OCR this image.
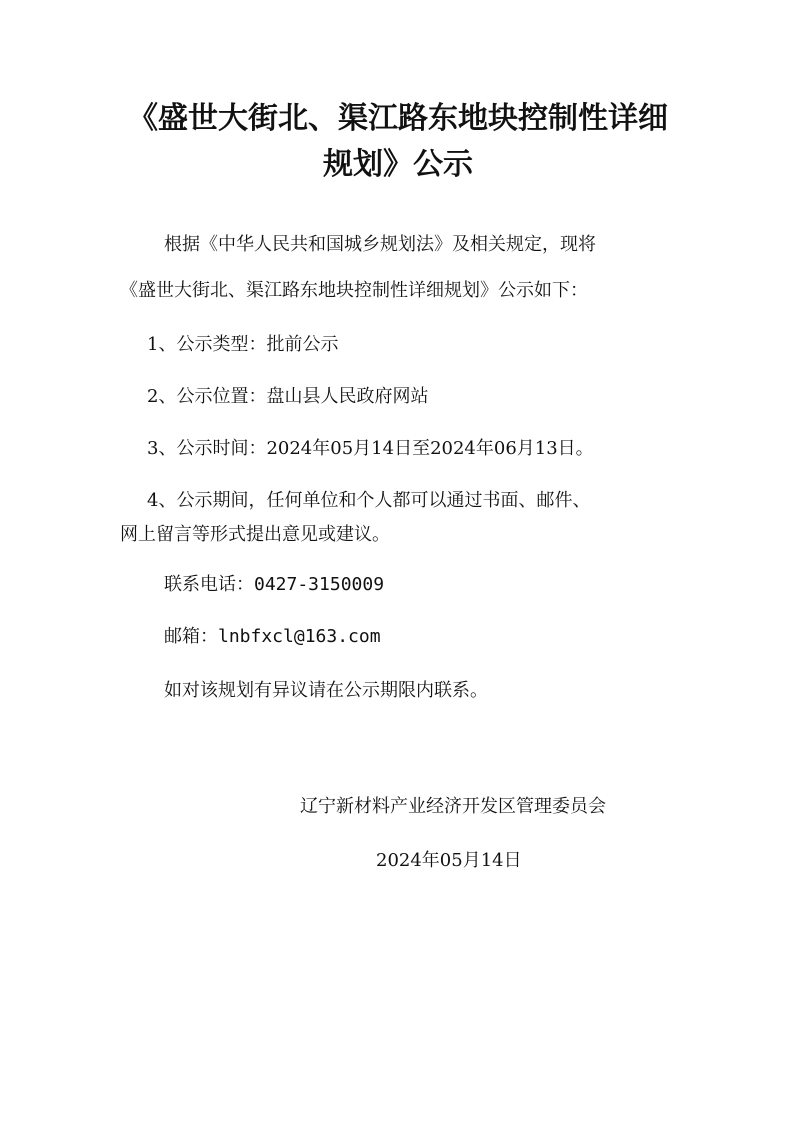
《盛世大街北、渠江路东地块控制性详细规划》公示

根据《中华人民共和国城乡规划法》及相关规定，现将

《盛世大街北、渠江路东地块控制性详细规划》公示如下：

1、公示类型：批前公示

2、公示位置：盘山县人民政府网站

3、公示时间：2024年05月14日至2024年06月13日。

4、公示期间，任何单位和个人都可以通过书面、邮件、

网上留言等形式提出意见或建议。

联系电话：0427-3150009

邮箱：lnbfxcl@163.com

如对该规划有异议请在公示期限内联系。

辽宁新材料产业经济开发区管理委员会

2024年05月14日
